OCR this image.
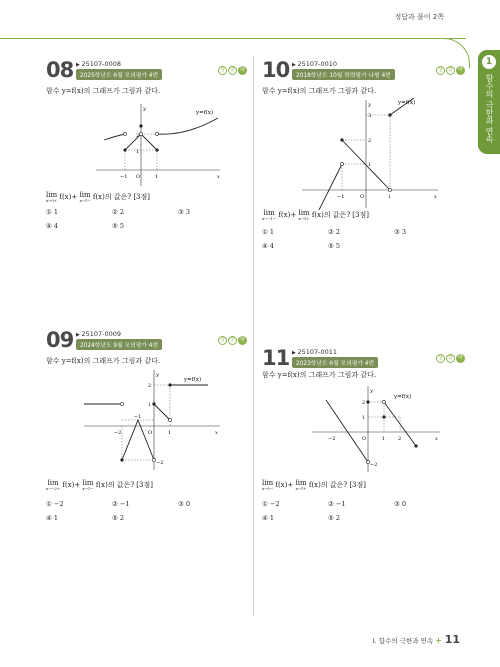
정답과 풀이 2쪽
1
함수의 극한과 연속
08 ▶ 25107-0008
2025학년도 6월 모의평가 4번
상 중 하
함수 y=f(x)의 그래프가 그림과 같다.
y=f(x)
y
x
O
2
1
−1	1
lim
x→0+ f(x)+ lim
x→1− f(x)의 값은? [3점]
① 1	② 2	③ 3
④ 4	⑤ 5
10 ▶ 25107-0010
2018학년도 10월 학력평가 나형 4번
상 중 하
함수 y=f(x)의 그래프가 그림과 같다.
y=f(x)
y
x
O
3
2
1
−1	1
lim
x→−1− f(x)+ lim
x→1+ f(x)의 값은? [3점]
① 1	② 2	③ 3
④ 4	⑤ 5
09 ▶ 25107-0009
2024학년도 9월 모의평가 4번
상 중 하
함수 y=f(x)의 그래프가 그림과 같다.
y=f(x)
y
x
O
2
1
−1
−2
−2	1
lim
x→−2+ f(x)+ lim
x→1− f(x)의 값은? [3점]
① −2	② −1	③ 0
④ 1	⑤ 2
11 ▶ 25107-0011
2023학년도 6월 모의평가 4번
상 중 하
함수 y=f(x)의 그래프가 그림과 같다.
y=f(x)
y
x
O
2
1
−2
−2	1	2
lim
x→0− f(x)+ lim
x→1+ f(x)의 값은? [3점]
① −2	② −1	③ 0
④ 1	⑤ 2
Ⅰ. 함수의 극한과 연속 + 11
